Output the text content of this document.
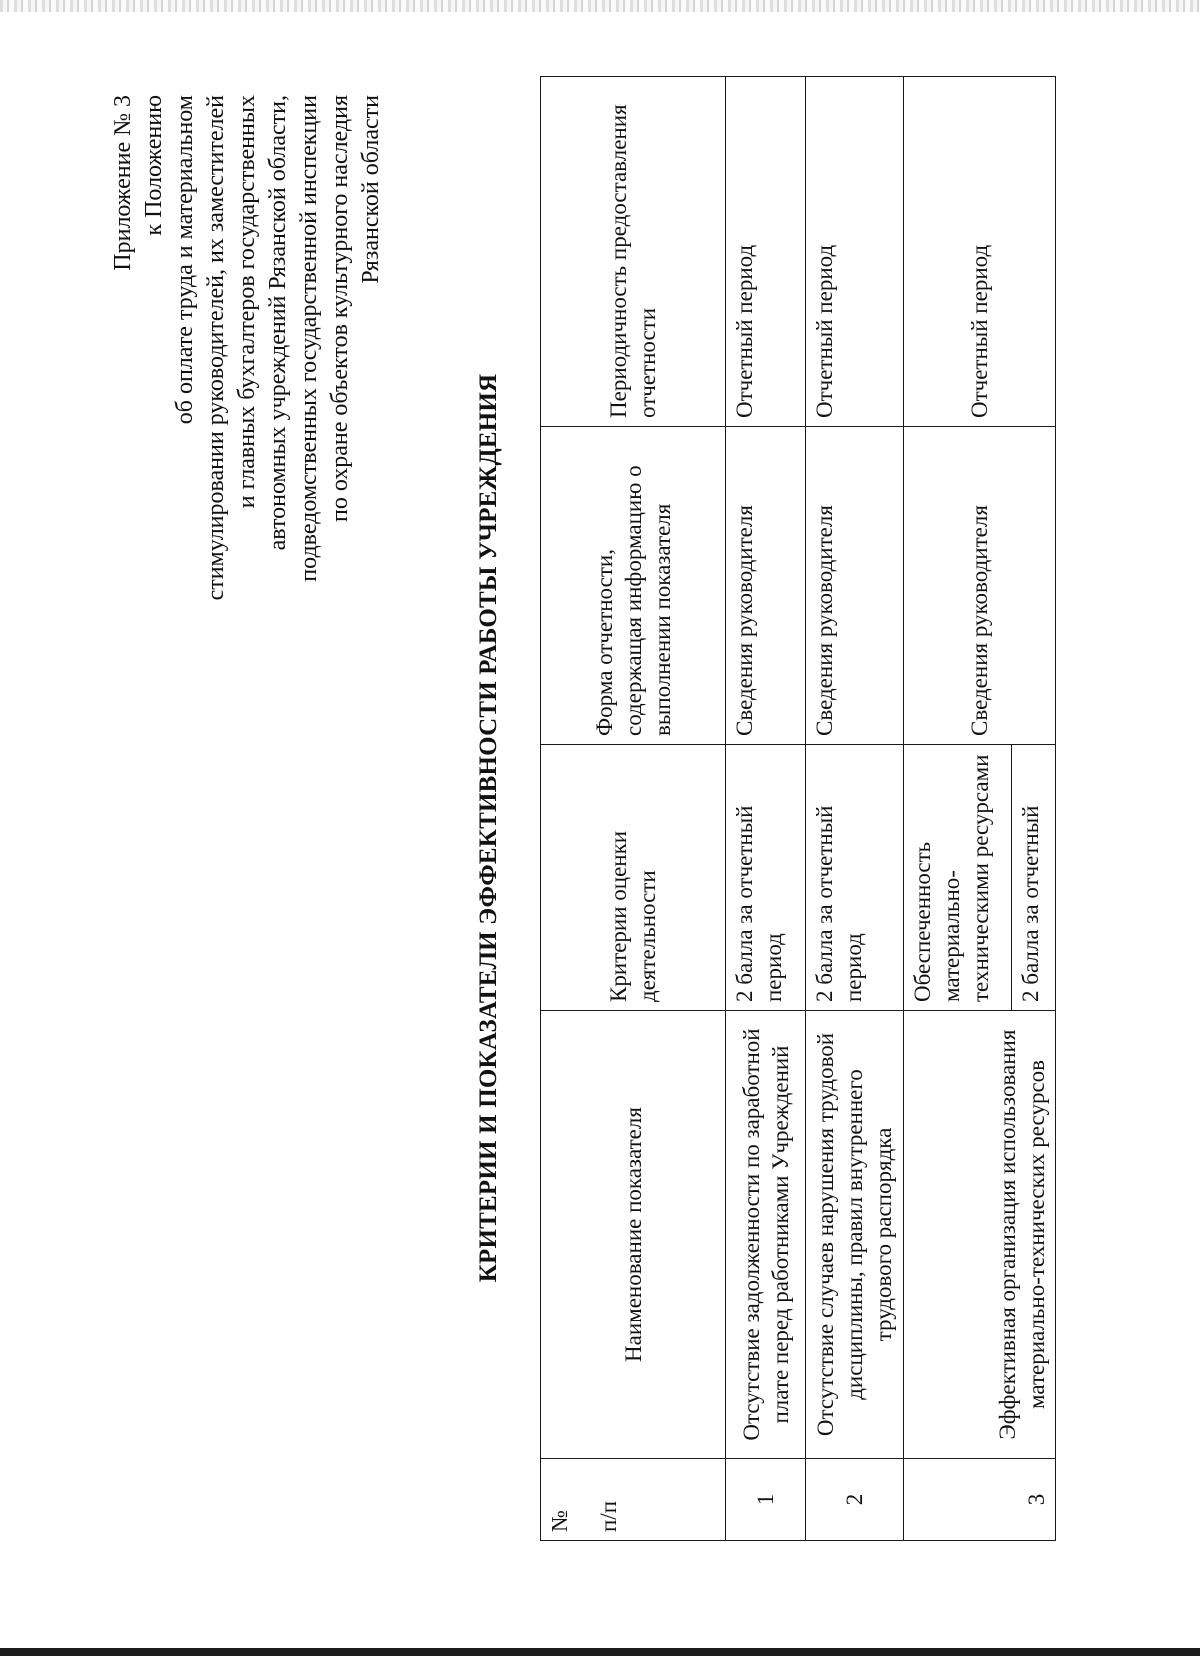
Приложение № 3 к Положению об оплате труда и материальном стимулировании руководителей, их заместителей и главных бухгалтеров государственных автономных учреждений Рязанской области, подведомственных государственной инспекции по охране объектов культурного наследия Рязанской области
КРИТЕРИИ И ПОКАЗАТЕЛИ ЭФФЕКТИВНОСТИ РАБОТЫ УЧРЕЖДЕНИЯ
№ п/п	Наименование показателя	Критерии оценки деятельности	Форма отчетности, содержащая информацию о выполнении показателя	Периодичность предоставления отчетности
1	Отсутствие задолженности по заработной плате перед работниками Учреждений	2 балла за отчетный период	Сведения руководителя	Отчетный период
2	Отсутствие случаев нарушения трудовой дисциплины, правил внутреннего трудового распорядка	2 балла за отчетный период	Сведения руководителя	Отчетный период
3	Эффективная организация использования материально-технических ресурсов	Обеспеченность материально-техническими ресурсами 2 балла за отчетный	Сведения руководителя	Отчетный период
